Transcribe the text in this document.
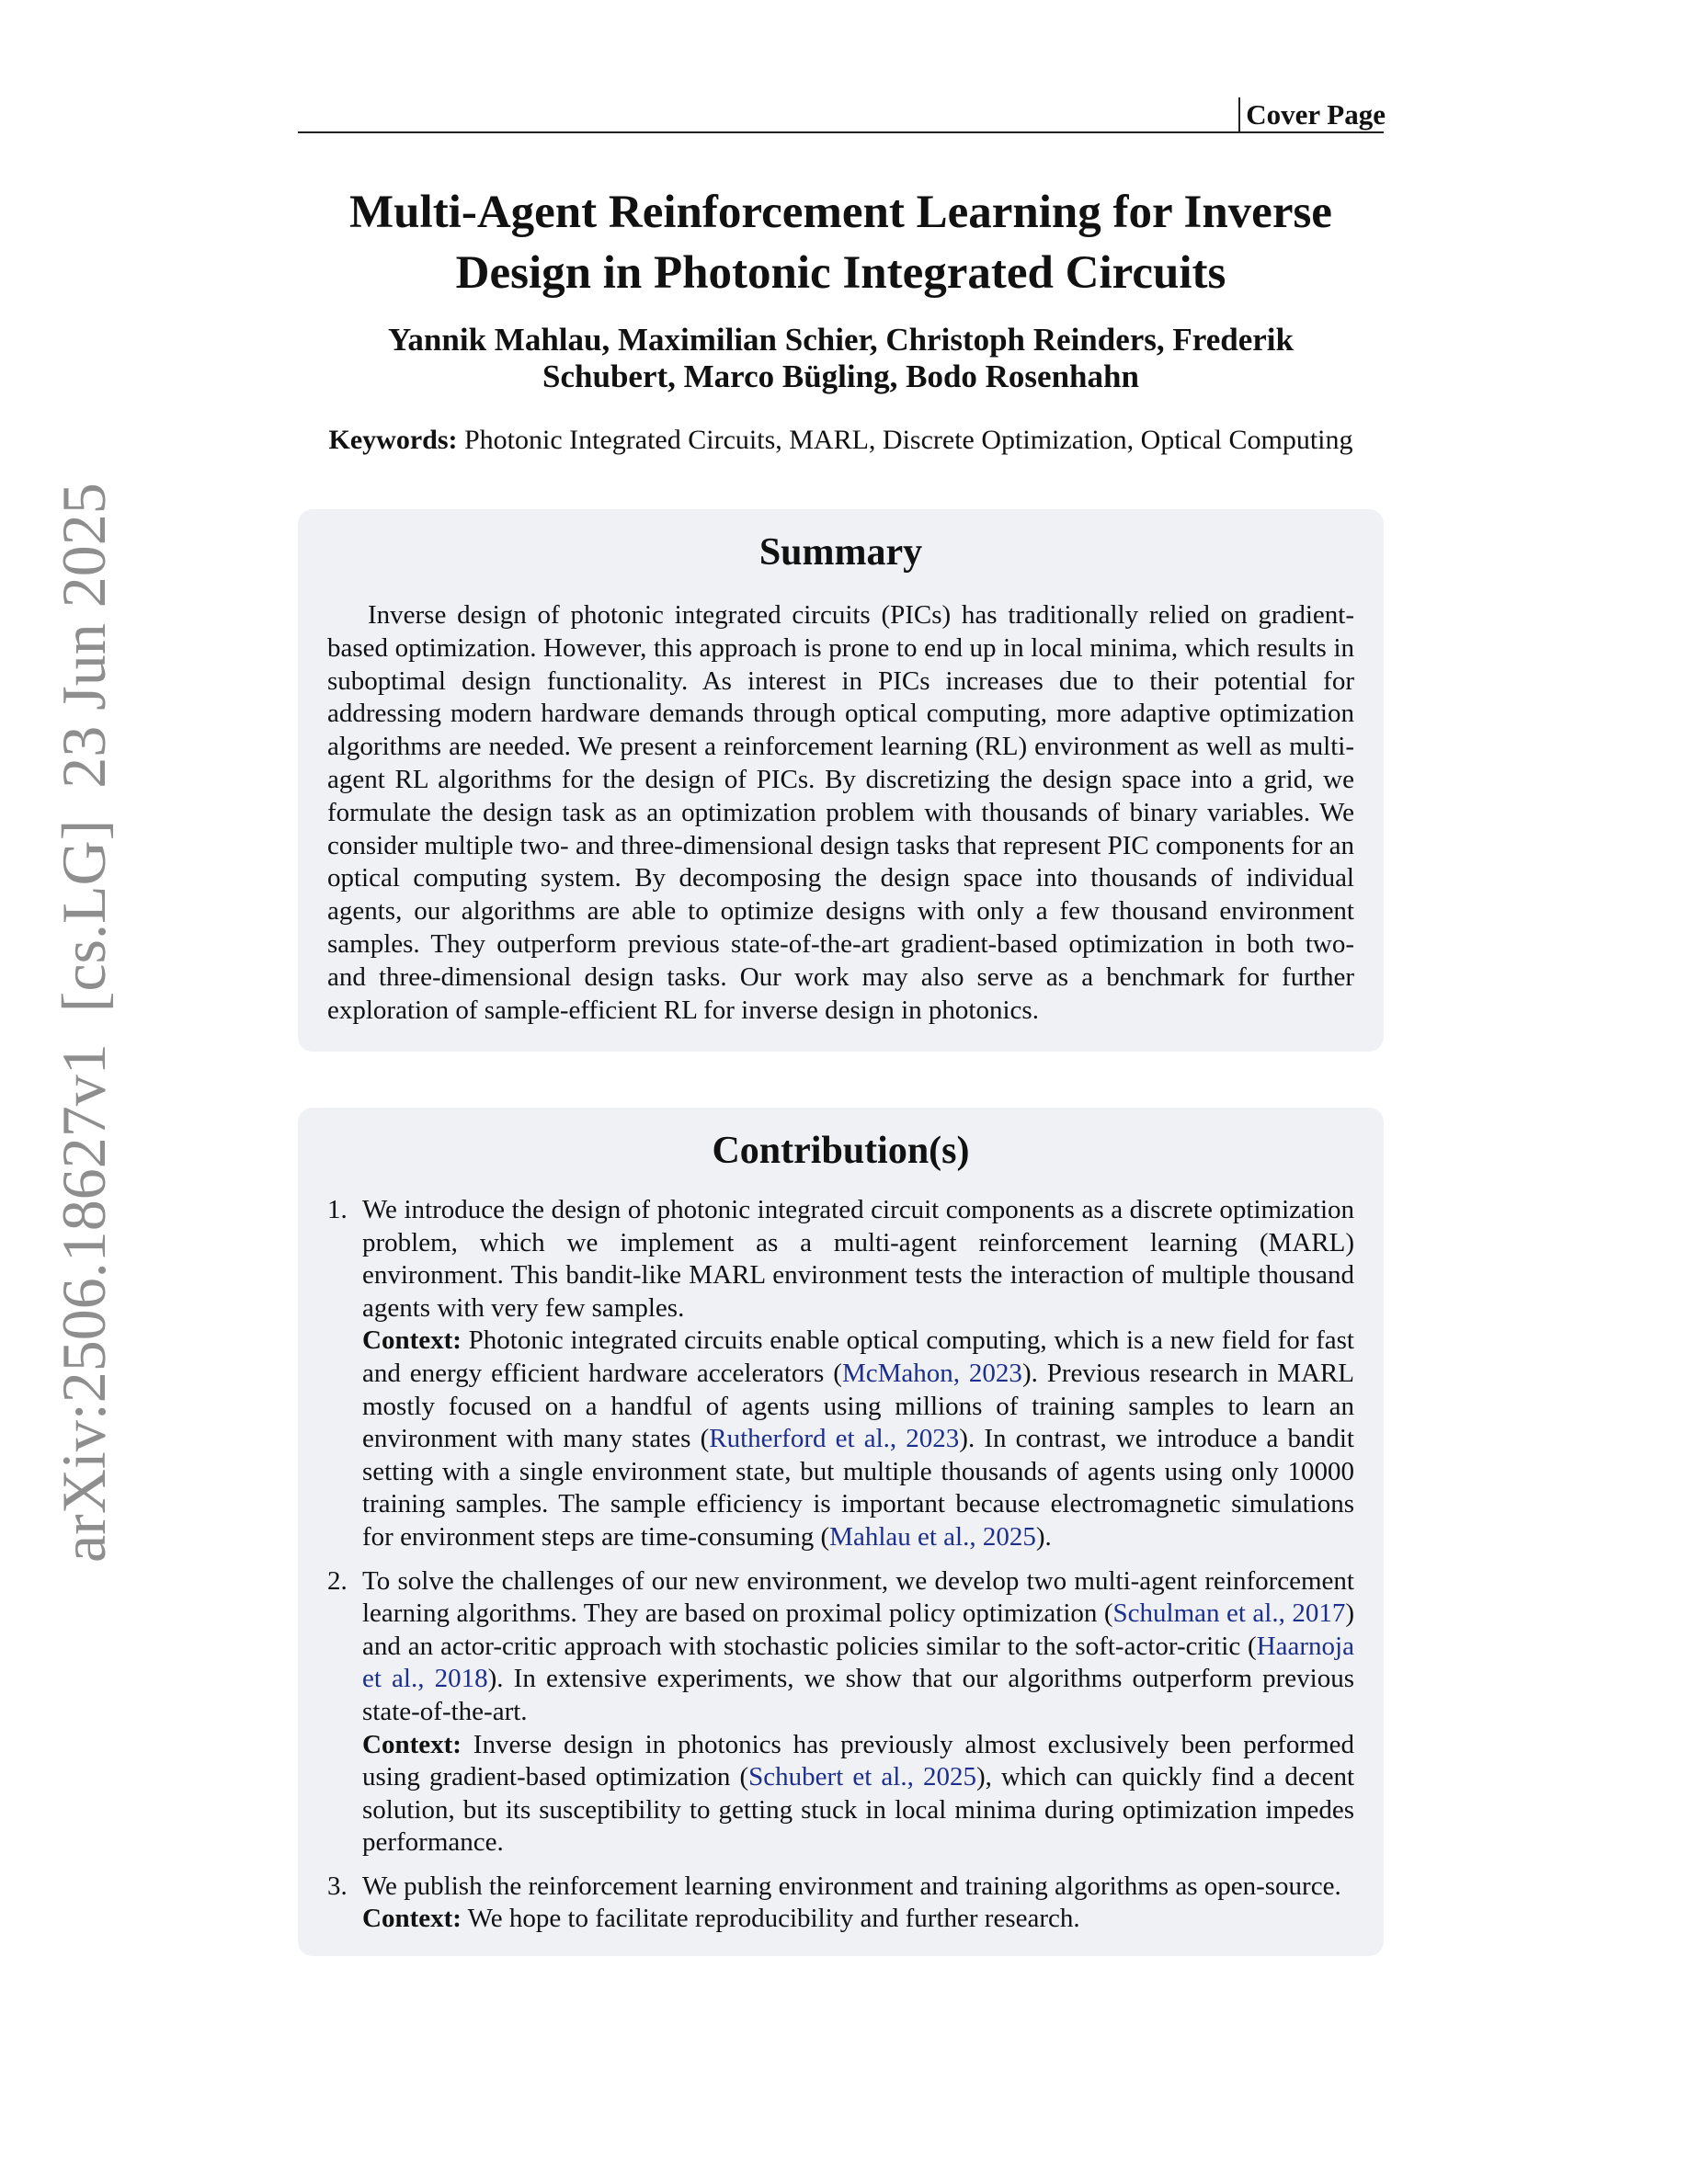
Cover Page
arXiv:2506.18627v1  [cs.LG]  23 Jun 2025
Multi-Agent Reinforcement Learning for Inverse
Design in Photonic Integrated Circuits
Yannik Mahlau, Maximilian Schier, Christoph Reinders, Frederik
Schubert, Marco Bügling, Bodo Rosenhahn
Keywords: Photonic Integrated Circuits, MARL, Discrete Optimization, Optical Computing
Summary

Inverse design of photonic integrated circuits (PICs) has traditionally relied on gradient-based optimization. However, this approach is prone to end up in local minima, which results in suboptimal design functionality. As interest in PICs increases due to their potential for addressing modern hardware demands through optical computing, more adaptive optimization algorithms are needed. We present a reinforcement learning (RL) environment as well as multi-agent RL algorithms for the design of PICs. By discretizing the design space into a grid, we formulate the design task as an optimization problem with thousands of binary variables. We consider multiple two- and three-dimensional design tasks that represent PIC components for an optical computing system. By decomposing the design space into thousands of individual agents, our algorithms are able to optimize designs with only a few thousand environment samples. They outperform previous state-of-the-art gradient-based optimization in both two- and three-dimensional design tasks. Our work may also serve as a benchmark for further exploration of sample-efficient RL for inverse design in photonics.

Contribution(s)
1. We introduce the design of photonic integrated circuit components as a discrete optimization problem, which we implement as a multi-agent reinforcement learning (MARL) environment. This bandit-like MARL environment tests the interaction of multiple thousand agents with very few samples.
Context: Photonic integrated circuits enable optical computing, which is a new field for fast and energy efficient hardware accelerators (McMahon, 2023). Previous research in MARL mostly focused on a handful of agents using millions of training samples to learn an environment with many states (Rutherford et al., 2023). In contrast, we introduce a bandit setting with a single environment state, but multiple thousands of agents using only 10000 training samples. The sample efficiency is important because electromagnetic simulations for environment steps are time-consuming (Mahlau et al., 2025).
2. To solve the challenges of our new environment, we develop two multi-agent reinforcement learning algorithms. They are based on proximal policy optimization (Schulman et al., 2017) and an actor-critic approach with stochastic policies similar to the soft-actor-critic (Haarnoja et al., 2018). In extensive experiments, we show that our algorithms outperform previous state-of-the-art.
Context: Inverse design in photonics has previously almost exclusively been performed using gradient-based optimization (Schubert et al., 2025), which can quickly find a decent solution, but its susceptibility to getting stuck in local minima during optimization impedes performance.
3. We publish the reinforcement learning environment and training algorithms as open-source.
Context: We hope to facilitate reproducibility and further research.
